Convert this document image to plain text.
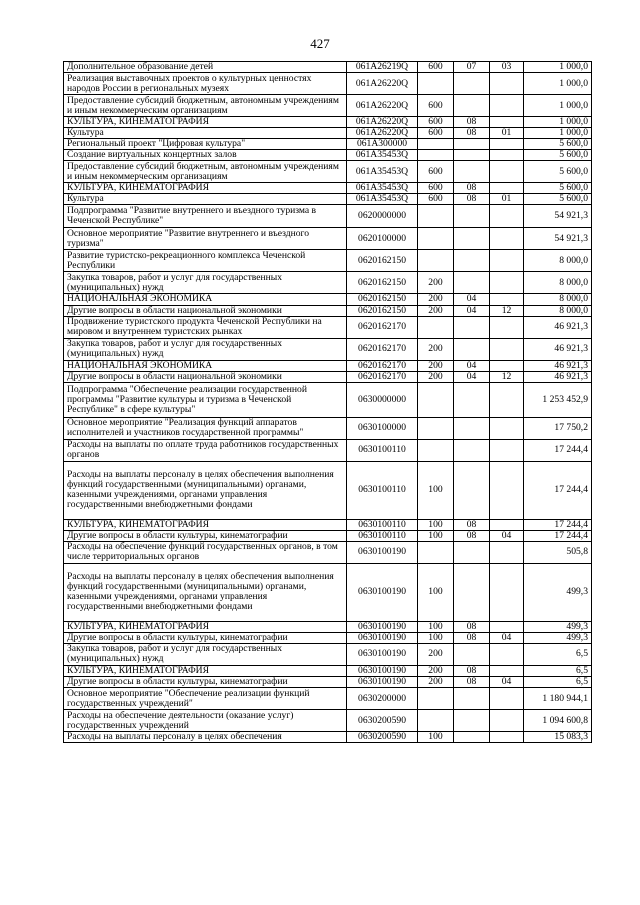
427
Дополнительное образование детей	061A26219Q	600	07	03	1 000,0
Реализация выставочных проектов о культурных ценностях народов России в региональных музеях	061A26220Q				1 000,0
Предоставление субсидий бюджетным, автономным учреждениям и иным некоммерческим организациям	061A26220Q	600			1 000,0
КУЛЬТУРА, КИНЕМАТОГРАФИЯ	061A26220Q	600	08		1 000,0
Культура	061A26220Q	600	08	01	1 000,0
Региональный проект "Цифровая культура"	061A300000				5 600,0
Создание виртуальных концертных залов	061A35453Q				5 600,0
Предоставление субсидий бюджетным, автономным учреждениям и иным некоммерческим организациям	061A35453Q	600			5 600,0
КУЛЬТУРА, КИНЕМАТОГРАФИЯ	061A35453Q	600	08		5 600,0
Культура	061A35453Q	600	08	01	5 600,0
Подпрограмма "Развитие внутреннего и въездного туризма в Чеченской Республике"	0620000000				54 921,3
Основное мероприятие "Развитие внутреннего и въездного туризма"	0620100000				54 921,3
Развитие туристско-рекреационного комплекса Чеченской Республики	0620162150				8 000,0
Закупка товаров, работ и услуг для государственных (муниципальных) нужд	0620162150	200			8 000,0
НАЦИОНАЛЬНАЯ ЭКОНОМИКА	0620162150	200	04		8 000,0
Другие вопросы в области национальной экономики	0620162150	200	04	12	8 000,0
Продвижение туристского продукта Чеченской Республики на мировом и внутреннем туристских рынках	0620162170				46 921,3
Закупка товаров, работ и услуг для государственных (муниципальных) нужд	0620162170	200			46 921,3
НАЦИОНАЛЬНАЯ ЭКОНОМИКА	0620162170	200	04		46 921,3
Другие вопросы в области национальной экономики	0620162170	200	04	12	46 921,3
Подпрограмма "Обеспечение реализации государственной программы "Развитие культуры и туризма в Чеченской Республике" в сфере культуры"	0630000000				1 253 452,9
Основное мероприятие "Реализация функций аппаратов исполнителей и участников государственной программы"	0630100000				17 750,2
Расходы на выплаты по оплате труда работников государственных органов	0630100110				17 244,4
Расходы на выплаты персоналу в целях обеспечения выполнения функций государственными (муниципальными) органами, казенными учреждениями, органами управления государственными внебюджетными фондами	0630100110	100			17 244,4
КУЛЬТУРА, КИНЕМАТОГРАФИЯ	0630100110	100	08		17 244,4
Другие вопросы в области культуры, кинематографии	0630100110	100	08	04	17 244,4
Расходы на обеспечение функций государственных органов, в том числе территориальных органов	0630100190				505,8
Расходы на выплаты персоналу в целях обеспечения выполнения функций государственными (муниципальными) органами, казенными учреждениями, органами управления государственными внебюджетными фондами	0630100190	100			499,3
КУЛЬТУРА, КИНЕМАТОГРАФИЯ	0630100190	100	08		499,3
Другие вопросы в области культуры, кинематографии	0630100190	100	08	04	499,3
Закупка товаров, работ и услуг для государственных (муниципальных) нужд	0630100190	200			6,5
КУЛЬТУРА, КИНЕМАТОГРАФИЯ	0630100190	200	08		6,5
Другие вопросы в области культуры, кинематографии	0630100190	200	08	04	6,5
Основное мероприятие "Обеспечение реализации функций государственных учреждений"	0630200000				1 180 944,1
Расходы на обеспечение деятельности (оказание услуг) государственных учреждений	0630200590				1 094 600,8
Расходы на выплаты персоналу в целях обеспечения	0630200590	100			15 083,3
